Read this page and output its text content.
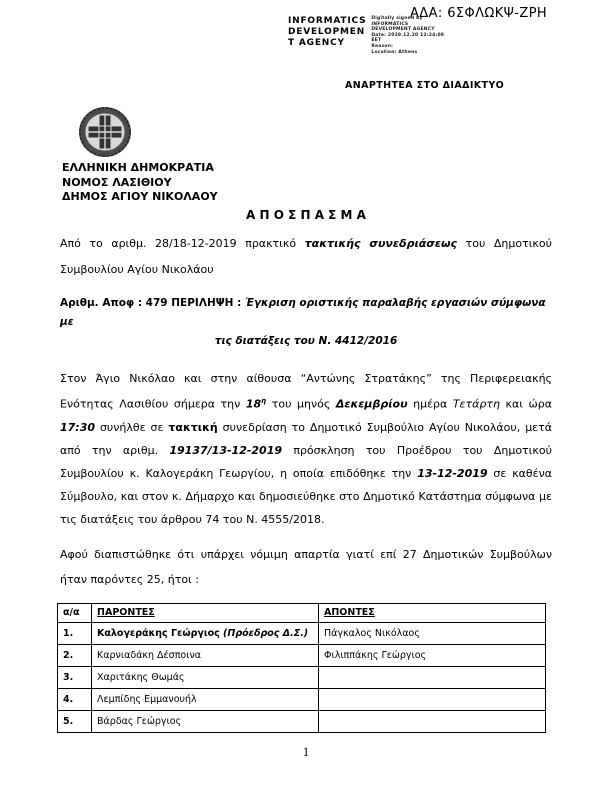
ΑΔΑ: 6ΣΦΛΩΚΨ-ΖΡΗ
INFORMATICS
DEVELOPMEN
T AGENCY
Digitally signed by
INFORMATICS
DEVELOPMENT AGENCY
Date: 2019.12.20 12:24:08
EET
Reason:
Location: Athens
ΑΝΑΡΤΗΤΕΑ ΣΤΟ ΔΙΑΔΙΚΤΥΟ
ΕΛΛΗΝΙΚΗ ΔΗΜΟΚΡΑΤΙΑ
ΝΟΜΟΣ ΛΑΣΙΘΙΟΥ
ΔΗΜΟΣ ΑΓΙΟΥ ΝΙΚΟΛΑΟΥ
Α Π Ο Σ Π Α Σ Μ Α

Από το αριθμ. 28/18-12-2019 πρακτικό τακτικής συνεδριάσεως του Δημοτικού Συμβουλίου Αγίου Νικολάου

Αριθμ. Αποφ : 479 ΠΕΡΙΛΗΨΗ : Έγκριση οριστικής παραλαβής εργασιών σύμφωνα με
τις διατάξεις του Ν. 4412/2016

Στον Άγιο Νικόλαο και στην αίθουσα “Αντώνης Στρατάκης” της Περιφερειακής Ενότητας Λασιθίου σήμερα την $18^\eta$ του μηνός Δεκεμβρίου ημέρα Τετάρτη και ώρα 17:30 συνήλθε σε τακτική συνεδρίαση το Δημοτικό Συμβούλιο Αγίου Νικολάου, μετά από την αριθμ. 19137/13-12-2019 πρόσκληση του Προέδρου του Δημοτικού Συμβουλίου κ. Καλογεράκη Γεωργίου, η οποία επιδόθηκε την 13-12-2019 σε καθένα Σύμβουλο, και στον κ. Δήμαρχο και δημοσιεύθηκε στο Δημοτικό Κατάστημα σύμφωνα με τις διατάξεις του άρθρου 74 του Ν. 4555/2018.

Αφού διαπιστώθηκε ότι υπάρχει νόμιμη απαρτία γιατί επί 27 Δημοτικών Συμβούλων ήταν παρόντες 25, ήτοι :

α/α	ΠΑΡΟΝΤΕΣ	ΑΠΟΝΤΕΣ
1.	Καλογεράκης Γεώργιος (Πρόεδρος Δ.Σ.)	Πάγκαλος Νικόλαος
2.	Καρνιαδάκη Δέσποινα	Φιλιππάκης Γεώργιος
3.	Χαριτάκης Θωμάς	
4.	Λεμπίδης Εμμανουήλ	
5.	Βάρδας Γεώργιος	
1
